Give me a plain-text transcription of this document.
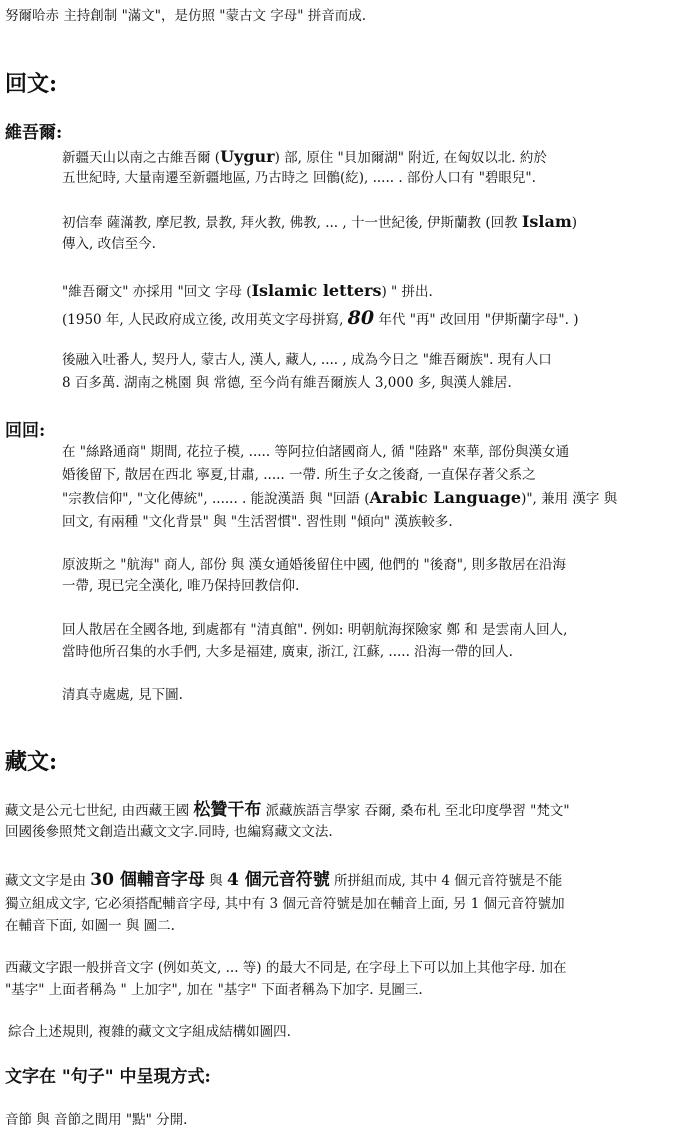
努爾哈赤 主持創制 "滿文"，是仿照 "蒙古文 字母" 拼音而成.
回文:
維吾爾:
新疆天山以南之古維吾爾 (Uygur) 部, 原住 "貝加爾湖" 附近, 在匈奴以北. 約於
五世紀時, 大量南遷至新疆地區, 乃古時之 回鶻(紇), ..... . 部份人口有 "碧眼兒".
初信奉 薩滿教, 摩尼教, 景教, 拜火教, 佛教, ... , 十一世紀後, 伊斯蘭教 (回教 Islam)
傳入, 改信至今.
"維吾爾文" 亦採用 "回文 字母 (Islamic letters) " 拼出.
(1950 年, 人民政府成立後, 改用英文字母拼寫, 80 年代 "再" 改回用 "伊斯蘭字母". )
後融入吐番人, 契丹人, 蒙古人, 漢人, 藏人, .... , 成為今日之 "維吾爾族". 現有人口
8 百多萬. 湖南之桃園 與 常德, 至今尚有維吾爾族人 3,000 多, 與漢人雜居.
回回:
在 "絲路通商" 期間, 花拉子模, ..... 等阿拉伯諸國商人, 循 "陸路" 來華, 部份與漢女通
婚後留下, 散居在西北 寧夏,甘肅, ..... 一帶. 所生子女之後裔, 一直保存著父系之
"宗教信仰", "文化傳統", ...... . 能說漢語 與 "回語 (Arabic Language)", 兼用 漢字 與
回文, 有兩種 "文化背景" 與 "生活習慣". 習性則 "傾向" 漢族較多.
原波斯之 "航海" 商人, 部份 與 漢女通婚後留住中國, 他們的 "後裔", 則多散居在沿海
一帶, 現已完全漢化, 唯乃保持回教信仰.
回人散居在全國各地, 到處都有 "清真館". 例如: 明朝航海探險家 鄭 和 是雲南人回人,
當時他所召集的水手們, 大多是福建, 廣東, 浙江, 江蘇, ..... 沿海一帶的回人.
清真寺處處, 見下圖.
藏文:
藏文是公元七世紀, 由西藏王國 松贊干布 派藏族語言學家 吞爾, 桑布札 至北印度學習 "梵文"
回國後參照梵文創造出藏文文字.同時, 也編寫藏文文法.
藏文文字是由 30 個輔音字母 與 4 個元音符號 所拼組而成, 其中 4 個元音符號是不能
獨立組成文字, 它必須搭配輔音字母, 其中有 3 個元音符號是加在輔音上面, 另 1 個元音符號加
在輔音下面, 如圖一 與 圖二.
西藏文字跟一般拼音文字 (例如英文, ... 等) 的最大不同是, 在字母上下可以加上其他字母. 加在
"基字" 上面者稱為 " 上加字", 加在 "基字" 下面者稱為下加字. 見圖三.
綜合上述規則, 複雜的藏文文字組成結構如圖四.
文字在 "句子" 中呈現方式:
音節 與 音節之間用 "點" 分開.
